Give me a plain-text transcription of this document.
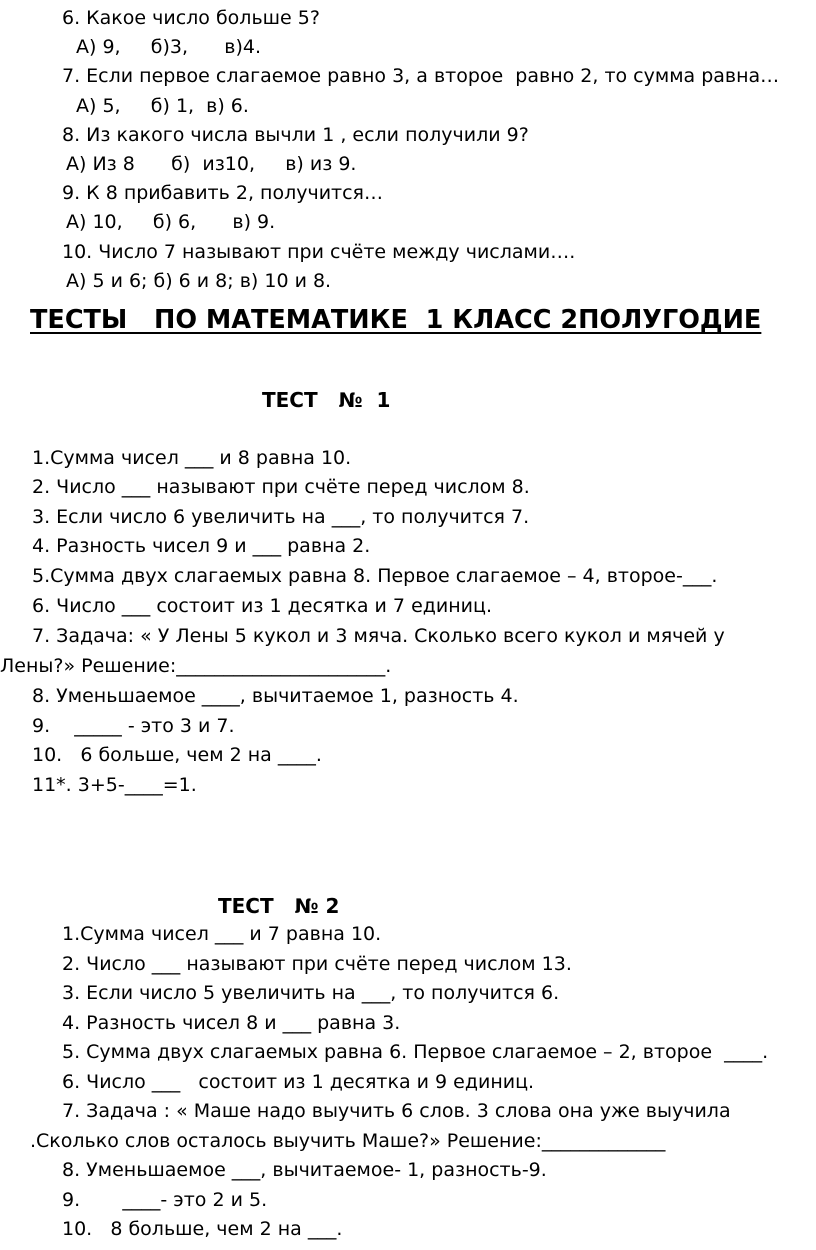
6. Какое число больше 5?
А) 9,     б)3,      в)4.
7. Если первое слагаемое равно 3, а второе  равно 2, то сумма равна…
А) 5,     б) 1,  в) 6.
8. Из какого числа вычли 1 , если получили 9?
А) Из 8      б)  из10,     в) из 9.
9. К 8 прибавить 2, получится…
А) 10,     б) 6,      в) 9.
10. Число 7 называют при счёте между числами….
А) 5 и 6; б) 6 и 8; в) 10 и 8.
ТЕСТЫ   ПО МАТЕМАТИКЕ  1 КЛАСС 2ПОЛУГОДИЕ
ТЕСТ   №  1
1.Сумма чисел ___ и 8 равна 10.
2. Число ___ называют при счёте перед числом 8.
3. Если число 6 увеличить на ___, то получится 7.
4. Разность чисел 9 и ___ равна 2.
5.Сумма двух слагаемых равна 8. Первое слагаемое – 4, второе-___.
6. Число ___ состоит из 1 десятка и 7 единиц.
7. Задача: « У Лены 5 кукол и 3 мяча. Сколько всего кукол и мячей у
Лены?» Решение:______________________.
8. Уменьшаемое ____, вычитаемое 1, разность 4.
9.    _____ - это 3 и 7.
10.   6 больше, чем 2 на ____.
11*. 3+5-____=1.
ТЕСТ   № 2
1.Сумма чисел ___ и 7 равна 10.
2. Число ___ называют при счёте перед числом 13.
3. Если число 5 увеличить на ___, то получится 6.
4. Разность чисел 8 и ___ равна 3.
5. Сумма двух слагаемых равна 6. Первое слагаемое – 2, второе  ____.
6. Число ___   состоит из 1 десятка и 9 единиц.
7. Задача : « Маше надо выучить 6 слов. 3 слова она уже выучила
.Сколько слов осталось выучить Маше?» Решение:_____________
8. Уменьшаемое ___, вычитаемое- 1, разность-9.
9.       ____- это 2 и 5.
10.   8 больше, чем 2 на ___.
